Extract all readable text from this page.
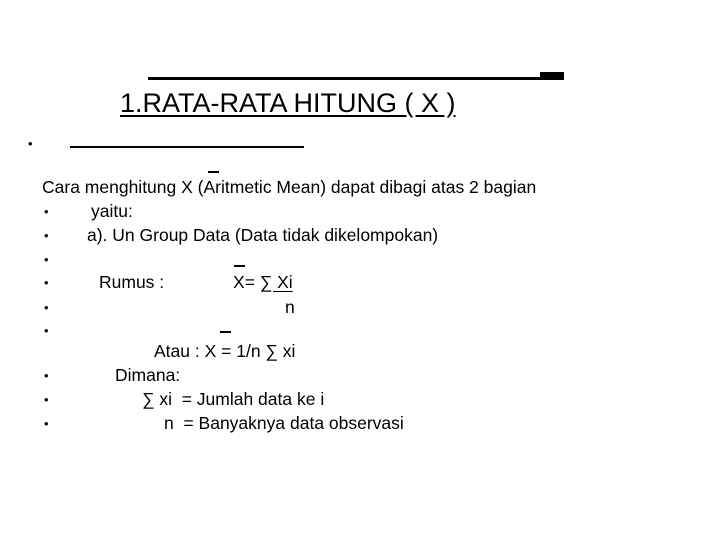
1.RATA-RATA HITUNG ( X )
•
Cara menghitung X (Aritmetic Mean) dapat dibagi atas 2 bagian
• yaitu:
• a). Un Group Data (Data tidak dikelompokan)
•
•	Rumus :	X= ∑ Xi
•	n
•
Atau : X = 1/n ∑ xi
•	Dimana:
•	∑ xi  = Jumlah data ke i
•	n  = Banyaknya data observasi
